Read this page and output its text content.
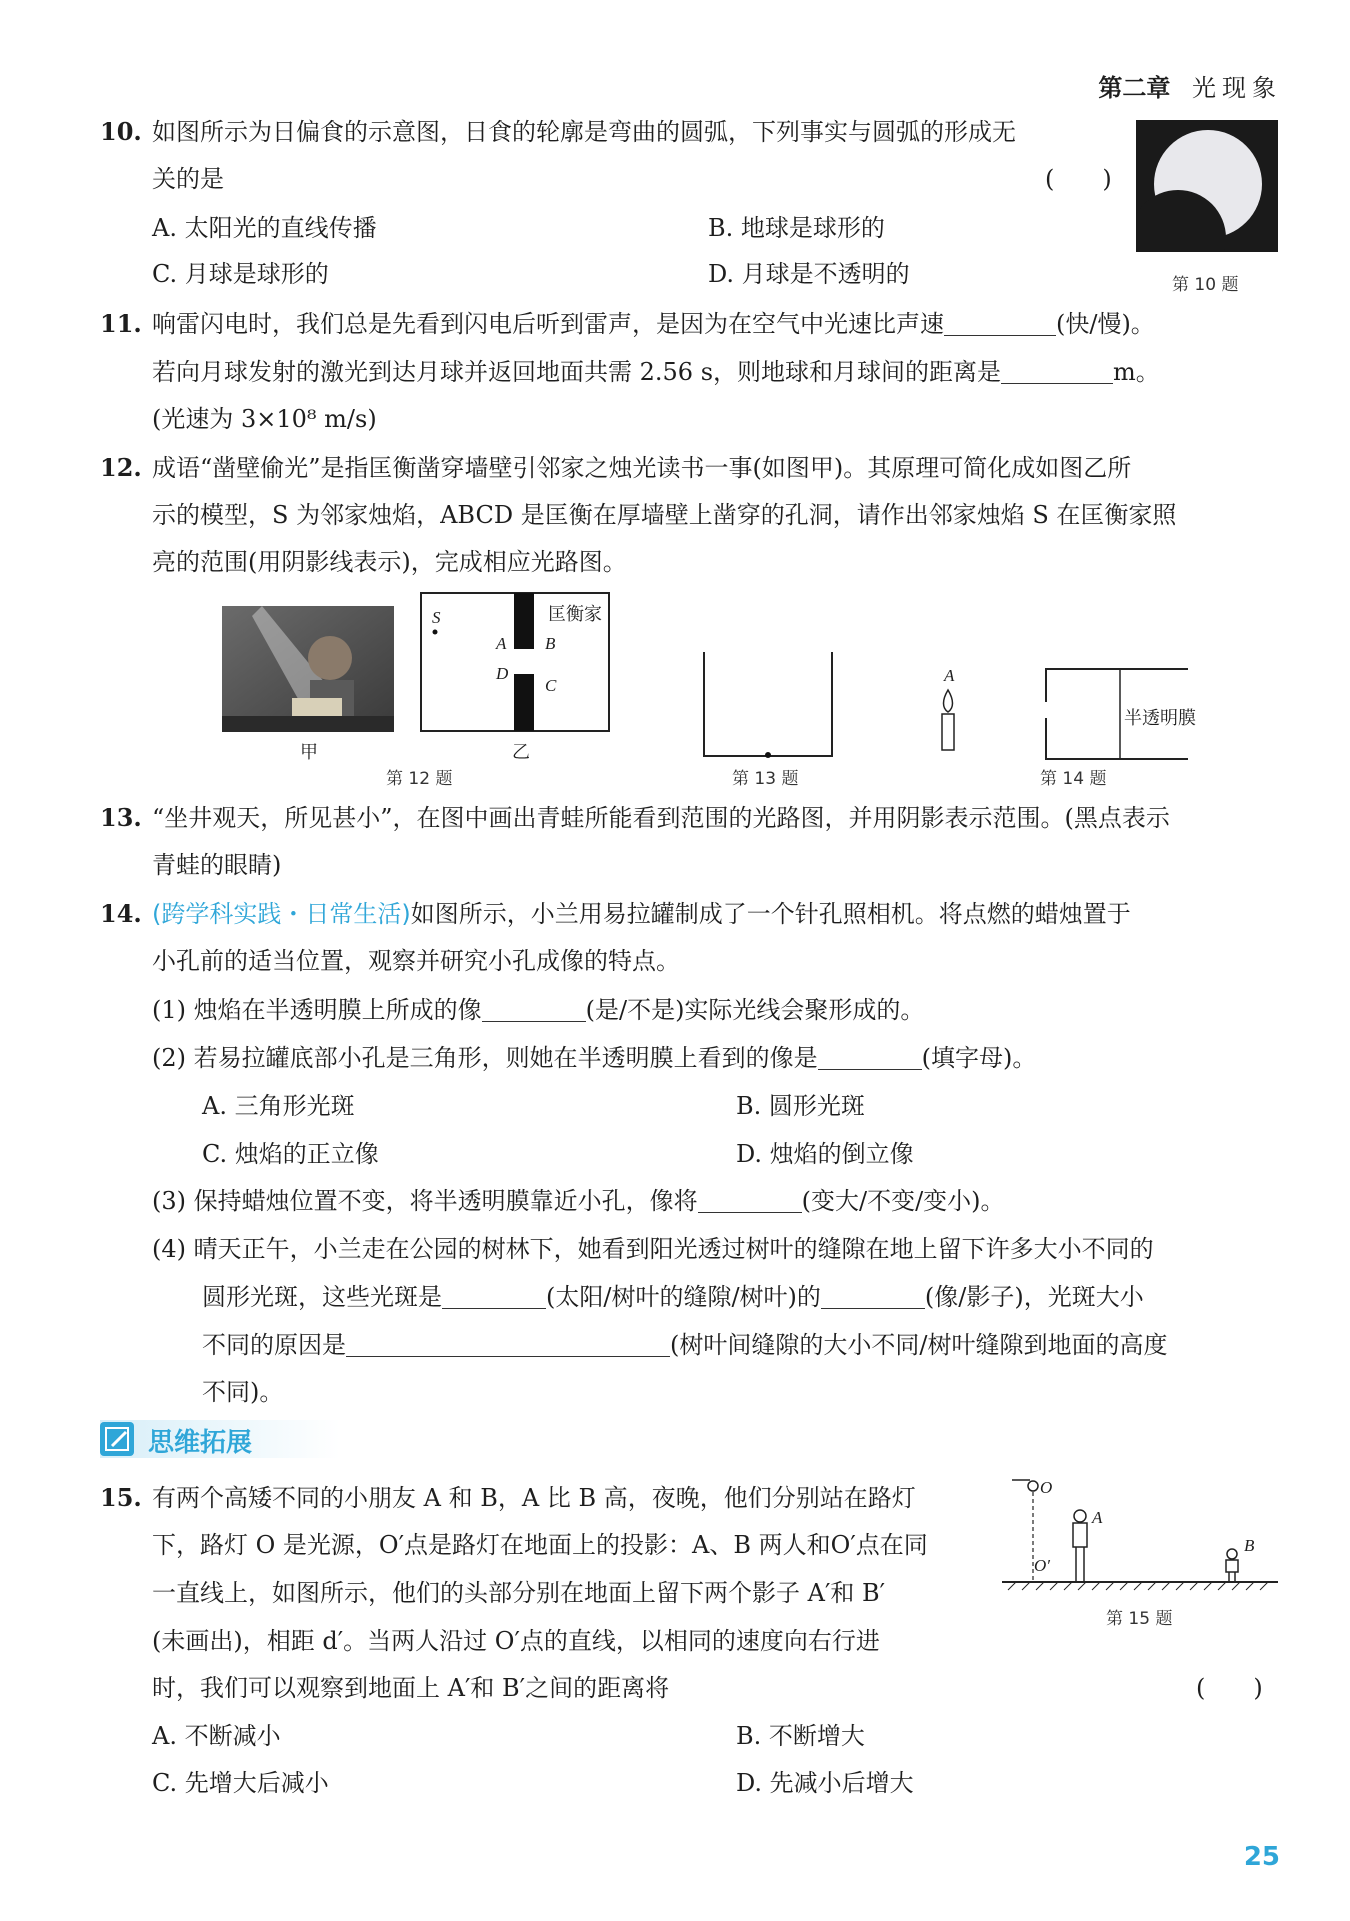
第二章 光现象
10. 如图所示为日偏食的示意图，日食的轮廓是弯曲的圆弧，下列事实与圆弧的形成无
关的是	(　　)
A. 太阳光的直线传播	B. 地球是球形的
C. 月球是球形的	D. 月球是不透明的	第 10 题
11. 响雷闪电时，我们总是先看到闪电后听到雷声，是因为在空气中光速比声速	(快/慢)。
若向月球发射的激光到达月球并返回地面共需 2.56 s，则地球和月球间的距离是	m。
(光速为 3×10⁸ m/s)
12. 成语“凿壁偷光”是指匡衡凿穿墙壁引邻家之烛光读书一事(如图甲)。其原理可简化成如图乙所
示的模型，S 为邻家烛焰，ABCD 是匡衡在厚墙壁上凿穿的孔洞，请作出邻家烛焰 S 在匡衡家照
亮的范围(用阴影线表示)，完成相应光路图。
甲
S
A B
D
C
匡衡家
乙
第 12 题	第 13 题
A
半透明膜
第 14 题
13. “坐井观天，所见甚小”，在图中画出青蛙所能看到范围的光路图，并用阴影表示范围。(黑点表示
青蛙的眼睛)
14. (跨学科实践・日常生活)如图所示，小兰用易拉罐制成了一个针孔照相机。将点燃的蜡烛置于
小孔前的适当位置，观察并研究小孔成像的特点。
(1) 烛焰在半透明膜上所成的像	(是/不是)实际光线会聚形成的。
(2) 若易拉罐底部小孔是三角形，则她在半透明膜上看到的像是	(填字母)。
A. 三角形光斑	B. 圆形光斑
C. 烛焰的正立像	D. 烛焰的倒立像
(3) 保持蜡烛位置不变，将半透明膜靠近小孔，像将	(变大/不变/变小)。
(4) 晴天正午，小兰走在公园的树林下，她看到阳光透过树叶的缝隙在地上留下许多大小不同的
圆形光斑，这些光斑是	(太阳/树叶的缝隙/树叶)的	(像/影子)，光斑大小
不同的原因是	(树叶间缝隙的大小不同/树叶缝隙到地面的高度
不同)。
思维拓展
15. 有两个高矮不同的小朋友 A 和 B，A 比 B 高，夜晚，他们分别站在路灯
下，路灯 O 是光源，O′点是路灯在地面上的投影：A、B 两人和O′点在同
一直线上，如图所示，他们的头部分别在地面上留下两个影子 A′和 B′
(未画出)，相距 d′。当两人沿过 O′点的直线，以相同的速度向右行进
时，我们可以观察到地面上 A′和 B′之间的距离将	(　　)
A. 不断减小	B. 不断增大
C. 先增大后减小	D. 先减小后增大
O
O′
A
B
第 15 题
25
